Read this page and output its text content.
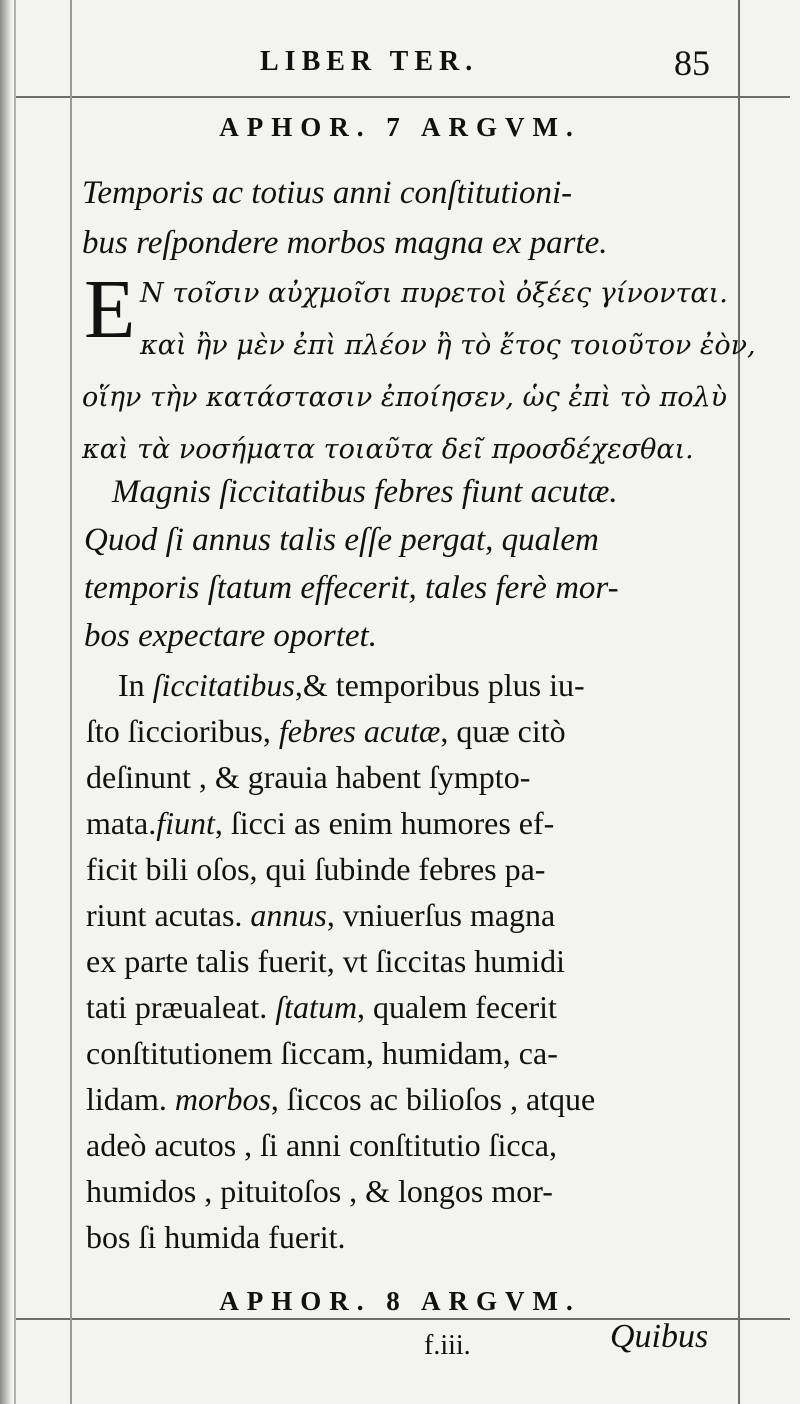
LIBER TER.	85
APHOR. 7 ARGVM.
Temporis ac totius anni conſtitutioni-
bus reſpondere morbos magna ex parte.
E N τοῖσιν αὐχμοῖσι πυρετοὶ ὀξέες γίνονται.
καὶ ἢν μὲν ἐπὶ πλέον ἢ τὸ ἔτος τοιοῦτον ἐὸν,
οἵην τὴν κατάστασιν ἐποίησεν, ὡς ἐπὶ τὸ πολὺ
καὶ τὰ νοσήματα τοιαῦτα δεῖ προσδέχεσθαι.
Magnis ſiccitatibus febres fiunt acutæ.
Quod ſi annus talis eſſe pergat, qualem
temporis ſtatum effecerit, tales ferè mor-
bos expectare oportet.
In ſiccitatibus,& temporibus plus iu-
ſto ſiccioribus, febres acutæ, quæ citò
deſinunt , & grauia habent ſympto-
mata.fiunt, ſicci as enim humores ef-
ficit bili oſos, qui ſubinde febres pa-
riunt acutas. annus, vniuerſus magna
ex parte talis fuerit, vt ſiccitas humidi
tati præualeat. ſtatum, qualem fecerit
conſtitutionem ſiccam, humidam, ca-
lidam. morbos, ſiccos ac bilioſos , atque
adeò acutos , ſi anni conſtitutio ſicca,
humidos , pituitoſos , & longos mor-
bos ſi humida fuerit.
APHOR. 8 ARGVM.
f.iii.	Quibus
